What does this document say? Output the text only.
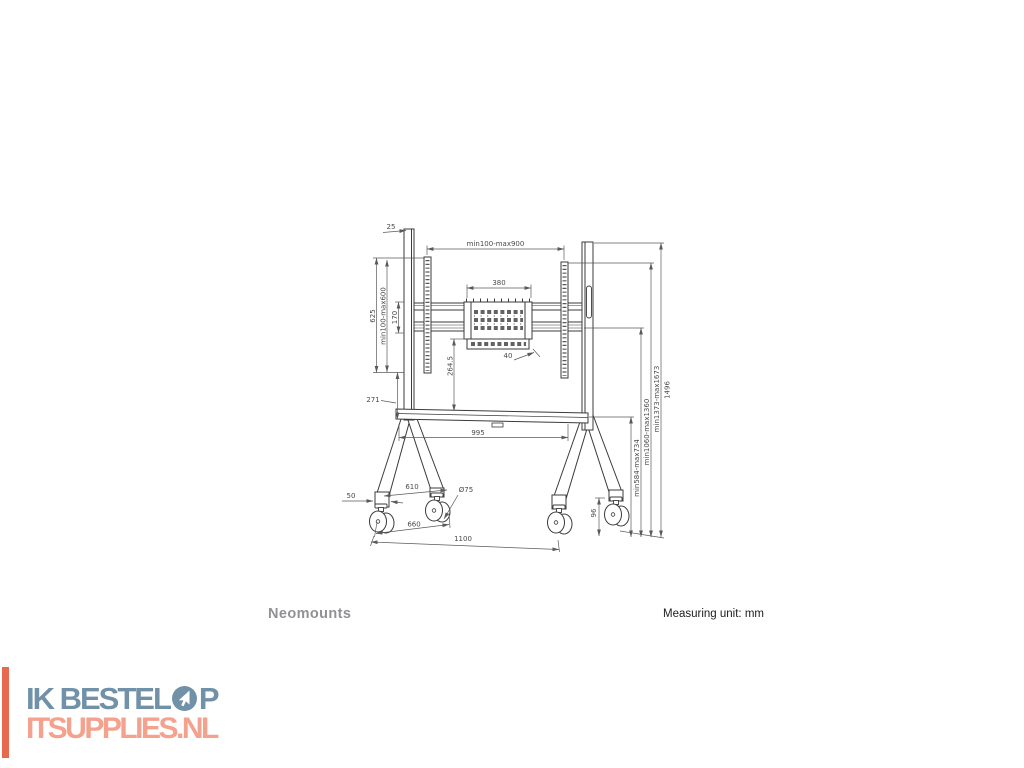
25
min100-max900
380
625 min100-max600 170
264.5	40
271
995
50
610	Ø75
660
1100
96
min584-max734
min1060-max1360 min1373-max1673 1496
Neomounts	Measuring unit: mm
IK BESTEL P
ITSUPPLIES.NL
